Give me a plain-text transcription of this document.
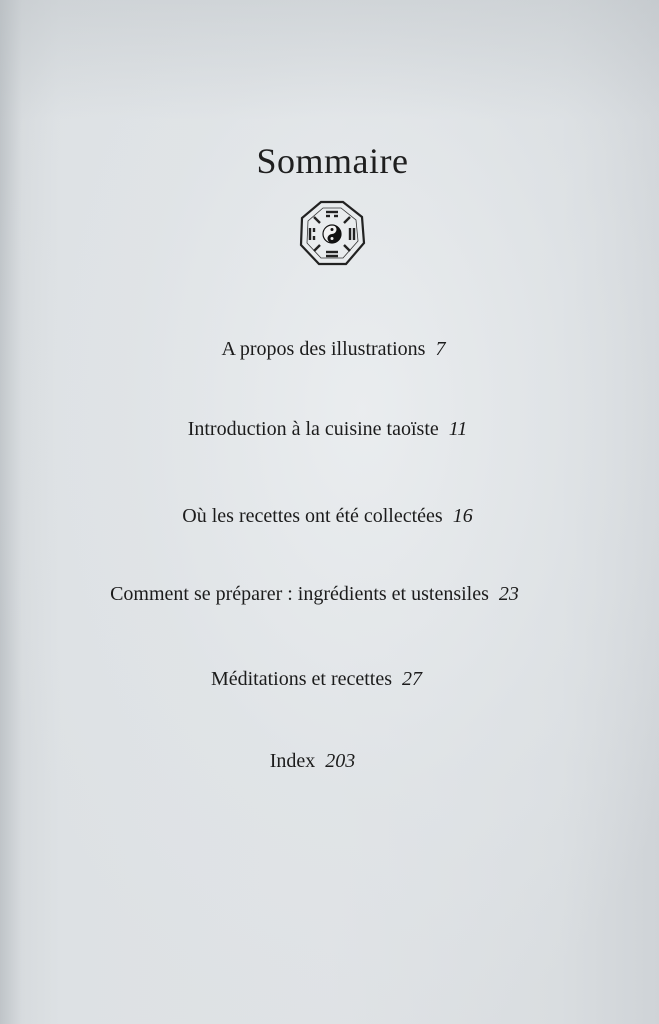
Sommaire
A propos des illustrations 7
Introduction à la cuisine taoïste 11
Où les recettes ont été collectées 16
Comment se préparer : ingrédients et ustensiles 23
Méditations et recettes 27
Index 203
